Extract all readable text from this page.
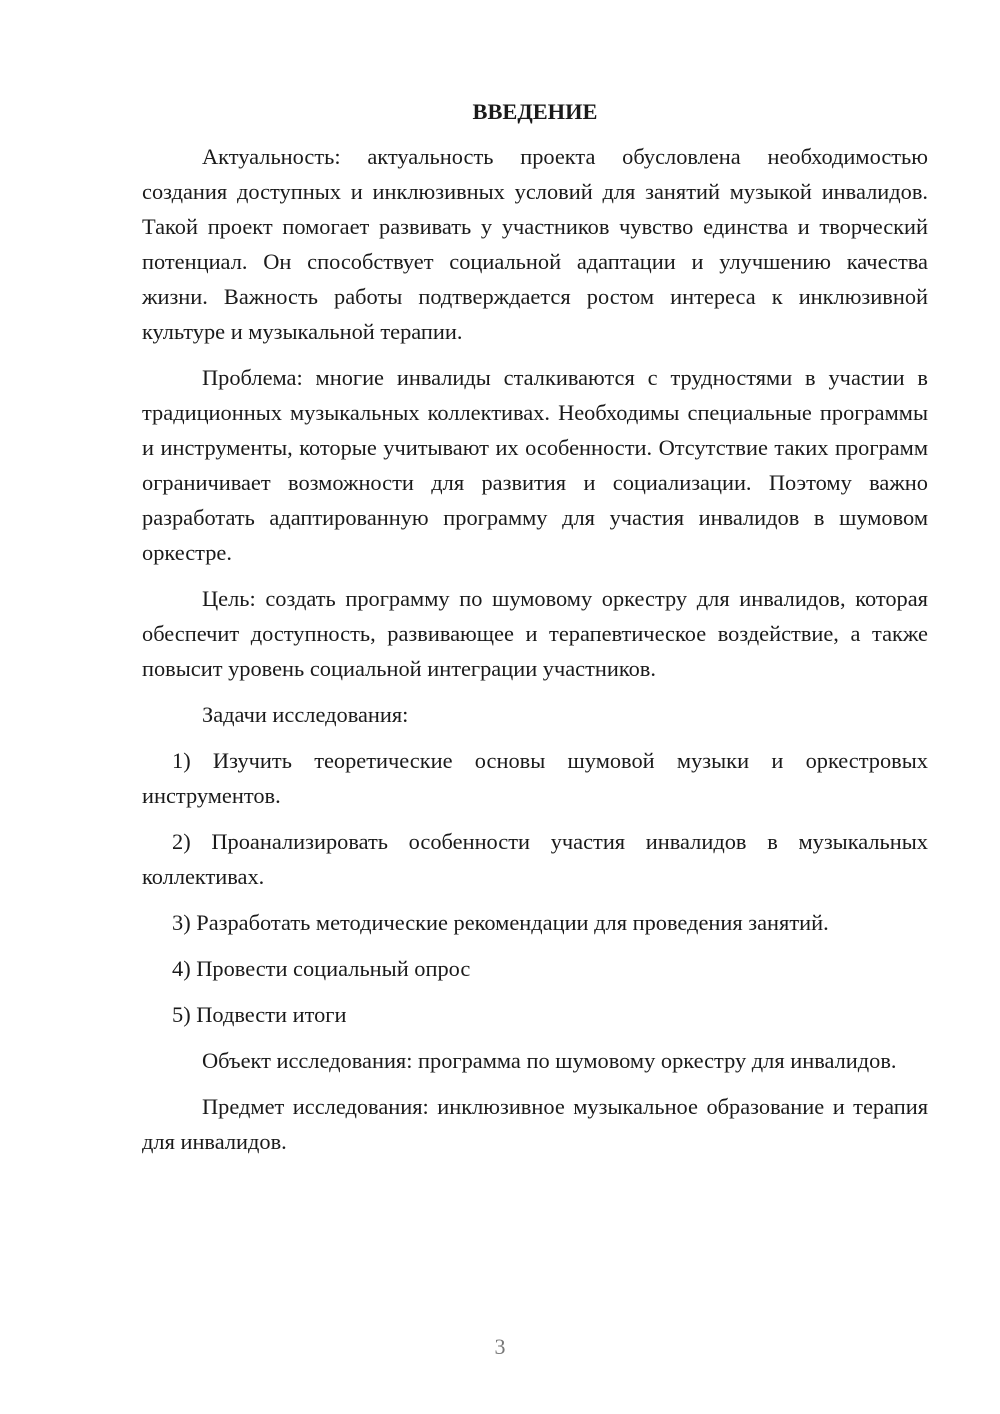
ВВЕДЕНИЕ

Актуальность: актуальность проекта обусловлена необходимостью создания доступных и инклюзивных условий для занятий музыкой инвалидов. Такой проект помогает развивать у участников чувство единства и творческий потенциал. Он способствует социальной адаптации и улучшению качества жизни. Важность работы подтверждается ростом интереса к инклюзивной культуре и музыкальной терапии.

Проблема: многие инвалиды сталкиваются с трудностями в участии в традиционных музыкальных коллективах. Необходимы специальные программы и инструменты, которые учитывают их особенности. Отсутствие таких программ ограничивает возможности для развития и социализации. Поэтому важно разработать адаптированную программу для участия инвалидов в шумовом оркестре.

Цель: создать программу по шумовому оркестру для инвалидов, которая обеспечит доступность, развивающее и терапевтическое воздействие, а также повысит уровень социальной интеграции участников.

Задачи исследования:

1) Изучить теоретические основы шумовой музыки и оркестровых инструментов.

2) Проанализировать особенности участия инвалидов в музыкальных коллективах.

3) Разработать методические рекомендации для проведения занятий.

4) Провести социальный опрос

5) Подвести итоги

Объект исследования: программа по шумовому оркестру для инвалидов.

Предмет исследования: инклюзивное музыкальное образование и терапия для инвалидов.

3
